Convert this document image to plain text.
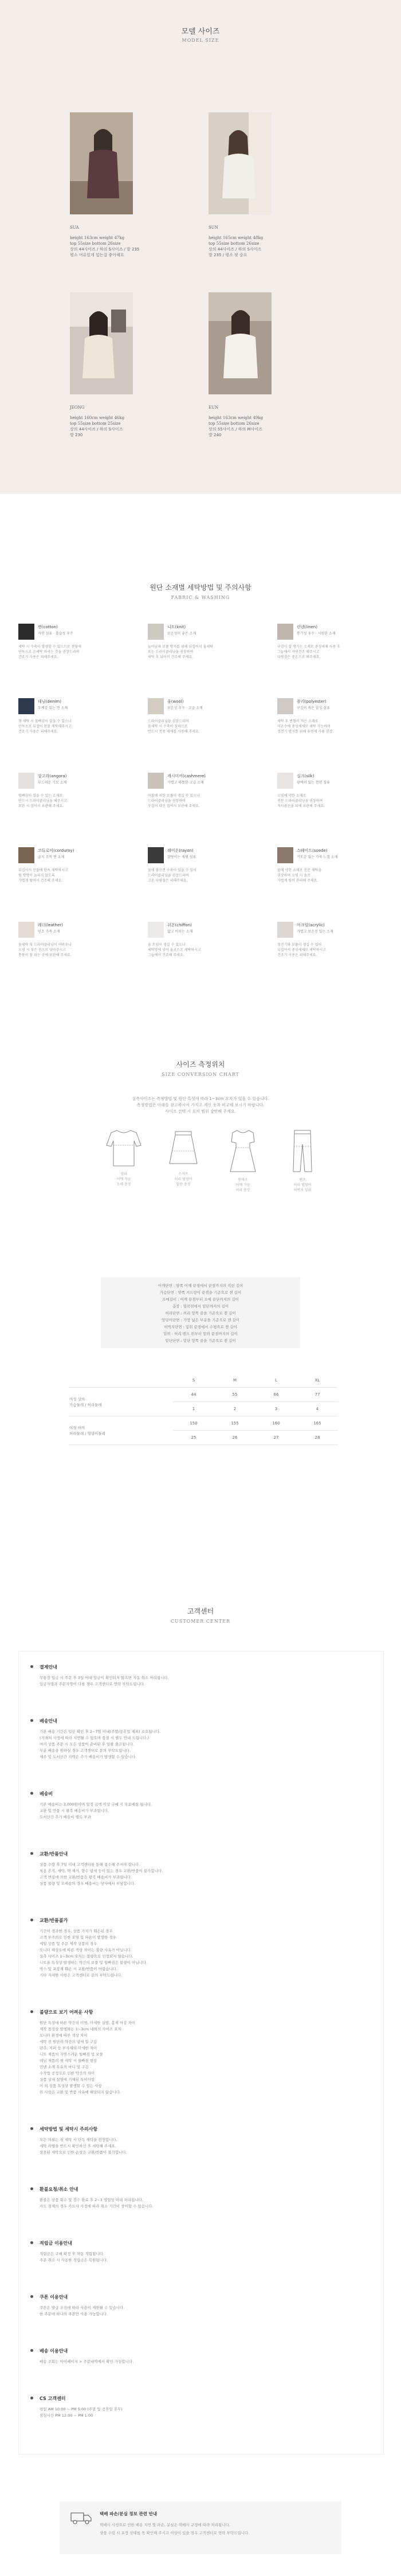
모델 사이즈
MODEL SIZE
SUA
height 163cm weight 47kg
top 55size bottom 26size
상의 44사이즈 / 하의 S사이즈 / 발 235
평소 여유있게 입는걸 좋아해요
SUN
height 165cm weight 48kg
top 55size bottom 26size
상의 44사이즈 / 하의 S사이즈
발 235 / 평소 핏 중요
JEONG
height 160cm weight 46kg
top 55size bottom 25size
상의 44사이즈 / 하의 S사이즈
발 230
EUN
height 163cm weight 49kg
top 55size bottom 26size
상의 55사이즈 / 하의 M사이즈
발 240
원단 소재별 세탁방법 및 주의사항
FABRIC & WASHING
면(cotton)
자연 섬유 · 흡습성 우수
세탁 시 수축이 발생할 수 있으므로 찬물에
단독으로 손세탁 하시는 것을 권장드리며
건조기 사용은 피해주세요.
니트(knit)
보온성이 좋은 소재
늘어남과 보풀 방지를 위해 뒤집어서 울세탁
또는 드라이클리닝을 권장하며
세탁 후 뉘어서 건조해 주세요.
린넨(linen)
통기성 우수 · 시원한 소재
구김이 잘 생기는 소재로 중성세제 사용 후
그늘에서 자연건조 해주시고
다림질은 중온으로 해주세요.
데님(denim)
두께감 있는 면 소재
첫 세탁 시 물빠짐이 있을 수 있으니
단독으로 뒤집어 찬물 세탁해주시고
건조기 사용은 피해주세요.
울(wool)
보온성 우수 · 고급 소재
드라이클리닝을 권장드리며
물세탁 시 수축이 심하므로
반드시 전용 세제를 사용해 주세요.
폴리(polyester)
구김이 적은 합성 섬유
세탁 후 변형이 적은 소재로
미온수에 중성세제로 세탁 가능하며
정전기 방지를 위해 유연제 사용 권장.
앙고라(angora)
부드러운 기모 소재
털빠짐이 있을 수 있는 소재로
반드시 드라이클리닝을 해주시고
보관 시 접어서 보관해 주세요.
캐시미어(cashmere)
가볍고 따뜻한 고급 소재
마찰에 의한 보풀이 생길 수 있으니
드라이클리닝을 권장하며
옷걸이 대신 접어서 보관해 주세요.
실크(silk)
광택이 있는 천연 섬유
오염에 약한 소재로
전문 드라이클리닝을 권장하며
직사광선을 피해 보관해 주세요.
코듀로이(corduroy)
골지 조직 면 소재
뒤집어서 찬물에 단독 세탁하시고
털 방향이 눌리지 않도록
가볍게 털어서 건조해 주세요.
레이온(rayon)
찰랑이는 재생 섬유
물에 닿으면 수축이 있을 수 있어
드라이클리닝을 권장드리며
고온 다림질은 피해주세요.
스웨이드(suede)
기모감 있는 가죽 느낌 소재
물에 약한 소재로 전문 세탁을
권장하며 오염 시 솔로
가볍게 털어 관리해 주세요.
레더(leather)
인조 가죽 소재
물세탁 및 드라이클리닝이 어려우니
오염 시 젖은 천으로 닦아주시고
통풍이 잘 되는 곳에 보관해 주세요.
쉬폰(chiffon)
얇고 비치는 소재
올 트임이 생길 수 있으니
세탁망에 넣어 울코스로 세탁하시고
그늘에서 건조해 주세요.
아크릴(acrylic)
가볍고 보온성 있는 소재
정전기와 보풀이 생길 수 있어
뒤집어서 중성세제로 세탁하시고
건조기 사용은 피해주세요.
사이즈 측정위치
SIZE CONVERSION CHART
실측사이즈는 측정방법 및 원단 특성에 따라 1~3cm 오차가 있을 수 있습니다.
측정방법은 아래를 참고하시어 가지고 계신 옷과 비교해 보시기 바랍니다.
사이즈 선택 시 오차 범위 감안해 주세요.
상의
어깨 가슴
소매 총장
스커트
허리 엉덩이
밑단 총장
원피스
어깨 가슴
허리 총장
팬츠
허리 엉덩이
허벅지 밑위
어깨단면 : 양쪽 어깨 끝점에서 끝점까지의 직선 길이
가슴단면 : 양쪽 겨드랑이 끝점을 기준으로 잰 길이
소매길이 : 어깨 끝점부터 소매 끝단까지의 길이
총장 : 옆목점에서 밑단까지의 길이
허리단면 : 허리 양쪽 끝을 기준으로 잰 길이
엉덩이단면 : 가장 넓은 부분을 기준으로 잰 길이
허벅지단면 : 밑위 끝점에서 수평으로 잰 길이
밑위 : 허리 밴드 위부터 밑위 끝점까지의 길이
밑단단면 : 밑단 양쪽 끝을 기준으로 잰 길이
	S	M	L	XL

여성 상의
가슴둘레 / 허리둘레	44	55	66	77
	1	2	3	4

여성 하의
허리둘레 / 엉덩이둘레	150	155	160	165
	25	26	27	28
고객센터
CUSTOMER CENTER
결제안내
무통장 입금 시 주문 후 3일 이내 입금이 확인되지 않으면 자동 취소 처리됩니다.
입금자명과 주문자명이 다를 경우 고객센터로 연락 부탁드립니다.
배송안내
기본 배송 기간은 입금 확인 후 2~7일 이내(주말/공휴일 제외) 소요됩니다.
(거래처 사정에 따라 지연될 수 있으며 품절 시 별도 안내 드립니다.)
여러 상품 주문 시 모든 상품이 준비된 후 일괄 출고됩니다.
부분 배송을 원하실 경우 고객센터로 문의 부탁드립니다.
제주 및 도서산간 지역은 추가 배송비가 발생할 수 있습니다.
배송비
기본 배송비는 3,000원이며 일정 금액 이상 구매 시 무료배송 됩니다.
교환 및 반품 시 왕복 배송비가 부과됩니다.
도서산간 추가 배송비 별도 부과
교환/반품안내
상품 수령 후 7일 이내 고객센터를 통해 접수해 주셔야 합니다.
착용 흔적, 세탁, 택 제거, 향수 냄새 등이 있는 경우 교환/반품이 불가합니다.
고객 변심에 의한 교환/반품은 왕복 배송비가 부과됩니다.
상품 불량 및 오배송의 경우 배송비는 당사에서 부담합니다.
교환/반품불가
기간이 경과한 경우, 상품 가치가 훼손된 경우
고객 부주의로 인한 오염 및 파손이 발생한 경우
세일 상품 및 주문 제작 상품의 경우
모니터 해상도에 따른 색상 차이는 불량 사유가 아닙니다.
실측 사이즈 1~3cm 오차는 불량으로 인정되지 않습니다.
니트류 특성상 발생하는 약간의 보풀 및 털빠짐은 불량이 아닙니다.
박스 및 포장재 훼손 시 교환/반품이 어렵습니다.
기타 자세한 사항은 고객센터로 문의 부탁드립니다.
불량으로 보기 어려운 사항
원단 특성에 따른 약간의 이염, 미세한 실밥, 봉제 마감 차이
제작 공정상 발생하는 1~3cm 내외의 사이즈 오차
모니터 환경에 따른 색상 차이
세탁 전 원단의 약간의 냄새 및 구김
단추, 지퍼 등 부자재의 미세한 차이
니트 제품의 자연스러운 털빠짐 및 보풀
데님 제품의 첫 세탁 시 물빠짐 현상
린넨 소재 특유의 마디 및 구김
수작업 공정으로 인한 약간의 차이
상품 상세 설명에 기재된 특이사항
이 외 상품 특성상 발생할 수 있는 사항
위 사항은 교환 및 반품 사유에 해당되지 않습니다.
세탁방법 및 세탁시 주의사항
모든 의류는 첫 세탁 시 단독 세탁을 권장합니다.
세탁 라벨을 반드시 확인하신 후 세탁해 주세요.
잘못된 세탁으로 인한 손상은 교환/반품이 불가합니다.
환불요청/취소 안내
환불은 상품 회수 및 검수 완료 후 2~3 영업일 이내 처리됩니다.
카드 결제의 경우 카드사 사정에 따라 취소 기간이 상이할 수 있습니다.
적립금 이용안내
적립금은 구매 확정 후 자동 적립됩니다.
주문 취소 시 사용한 적립금은 복원됩니다.
쿠폰 이용안내
쿠폰은 발급 조건에 따라 사용이 제한될 수 있습니다.
한 주문에 하나의 쿠폰만 사용 가능합니다.
배송 이용안내
배송 조회는 마이페이지 > 주문내역에서 확인 가능합니다.
CS 고객센터
평일 AM 10:00 ~ PM 5:00 (주말 및 공휴일 휴무)
점심시간 PM 12:00 ~ PM 1:00
택배 파손/분실 정보 관련 안내
택배사 사정으로 인한 배송 지연 및 파손, 분실은 택배사 규정에 따라 처리됩니다.
상품 수령 시 포장 상태를 꼭 확인해 주시고 이상이 있을 경우 고객센터로 연락 부탁드립니다.
